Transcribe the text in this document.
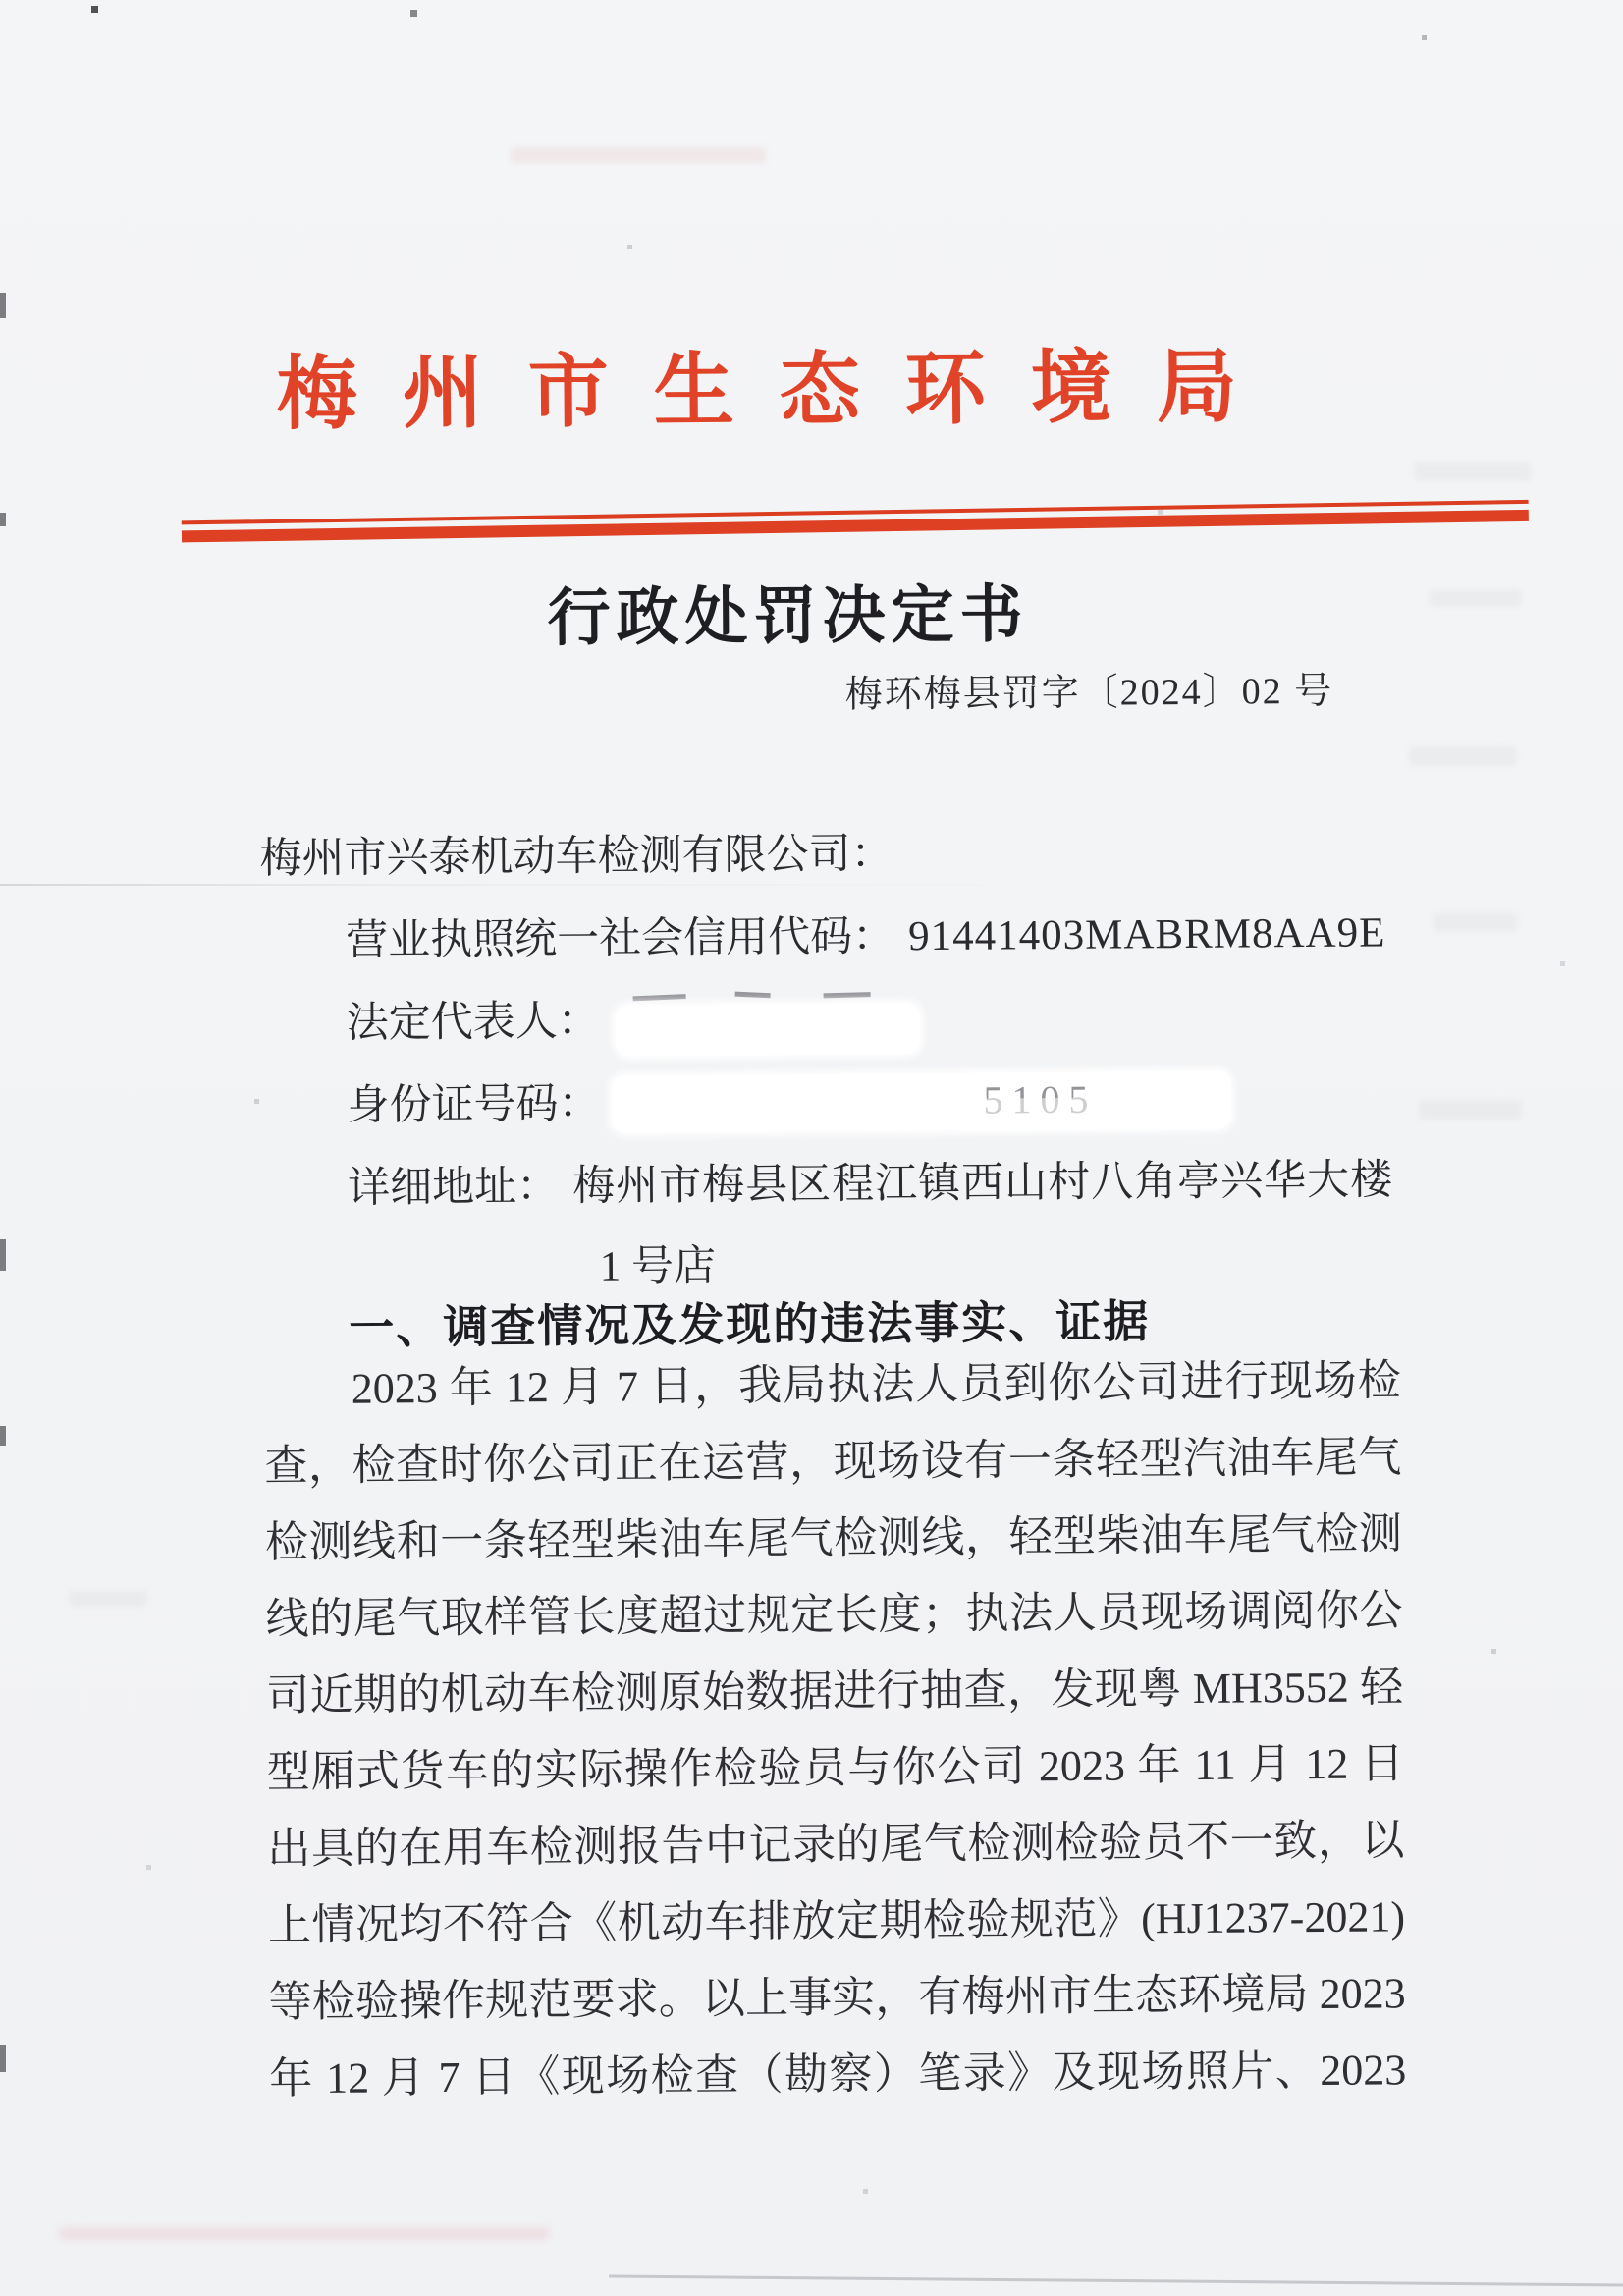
梅州市生态环境局
行政处罚决定书
梅环梅县罚字〔2024〕02 号
梅州市兴泰机动车检测有限公司：
营业执照统一社会信用代码： 91441403MABRM8AA9E
法定代表人：
身份证号码：
详细地址： 梅州市梅县区程江镇西山村八角亭兴华大楼
1 号店
一、调查情况及发现的违法事实、证据
2023 年 12 月 7 日，我局执法人员到你公司进行现场检
查，检查时你公司正在运营，现场设有一条轻型汽油车尾气
检测线和一条轻型柴油车尾气检测线，轻型柴油车尾气检测
线的尾气取样管长度超过规定长度；执法人员现场调阅你公
司近期的机动车检测原始数据进行抽查，发现粤 MH3552 轻
型厢式货车的实际操作检验员与你公司 2023 年 11 月 12 日
出具的在用车检测报告中记录的尾气检测检验员不一致，以
上情况均不符合《机动车排放定期检验规范》(HJ1237-2021)
等检验操作规范要求。以上事实，有梅州市生态环境局 2023
年 12 月 7 日《现场检查（勘察）笔录》及现场照片、2023
